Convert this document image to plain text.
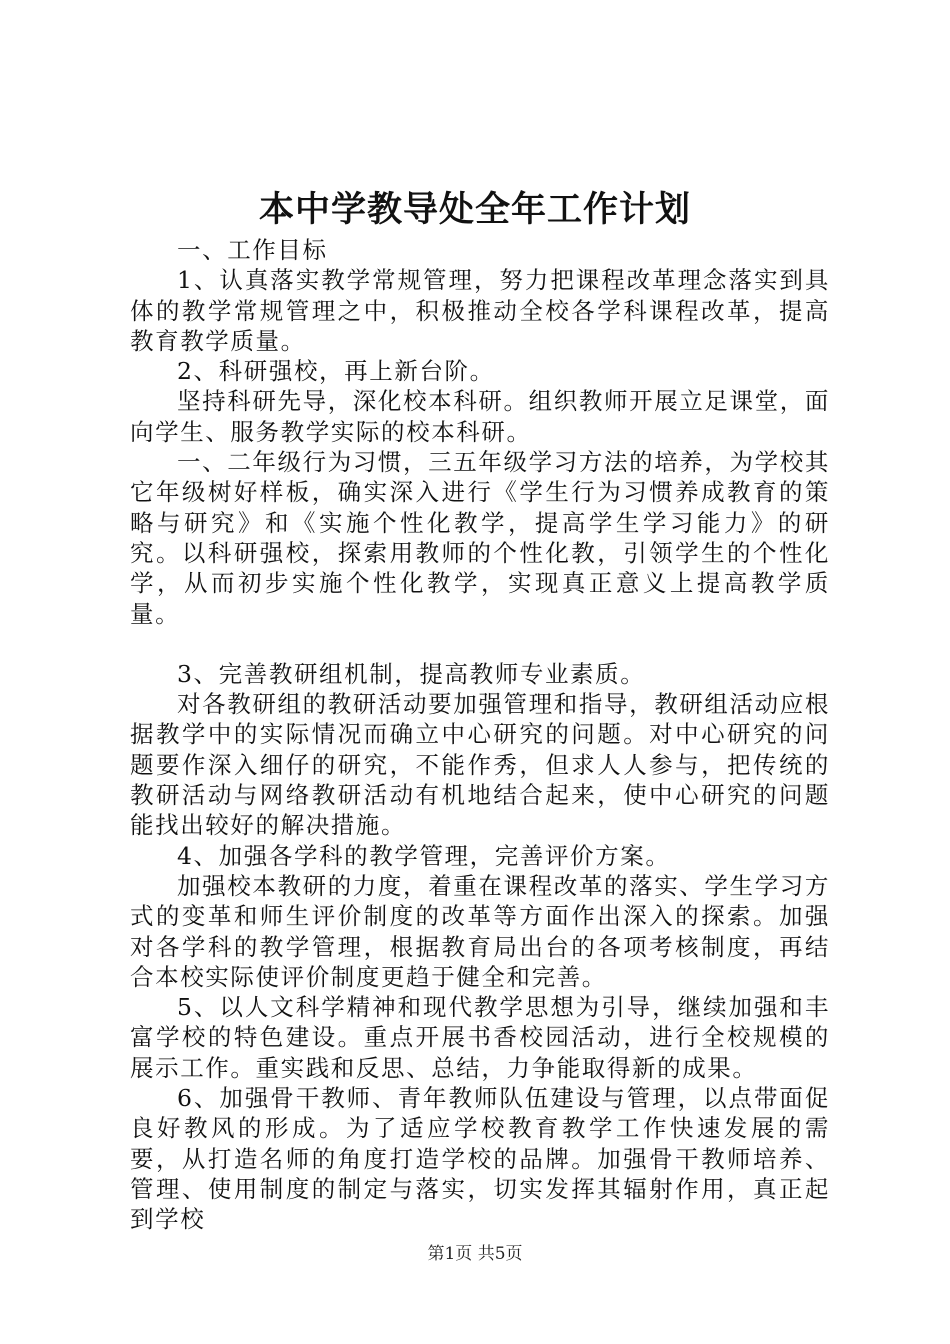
本中学教导处全年工作计划

一、工作目标

1、认真落实教学常规管理，努力把课程改革理念落实到具体的教学常规管理之中，积极推动全校各学科课程改革，提高教育教学质量。

2、科研强校，再上新台阶。

坚持科研先导，深化校本科研。组织教师开展立足课堂，面向学生、服务教学实际的校本科研。

一、二年级行为习惯，三五年级学习方法的培养，为学校其它年级树好样板，确实深入进行《学生行为习惯养成教育的策略与研究》和《实施个性化教学，提高学生学习能力》的研究。以科研强校，探索用教师的个性化教，引领学生的个性化学，从而初步实施个性化教学，实现真正意义上提高教学质量。

3、完善教研组机制，提高教师专业素质。

对各教研组的教研活动要加强管理和指导，教研组活动应根据教学中的实际情况而确立中心研究的问题。对中心研究的问题要作深入细仔的研究，不能作秀，但求人人参与，把传统的教研活动与网络教研活动有机地结合起来，使中心研究的问题能找出较好的解决措施。

4、加强各学科的教学管理，完善评价方案。

加强校本教研的力度，着重在课程改革的落实、学生学习方式的变革和师生评价制度的改革等方面作出深入的探索。加强对各学科的教学管理，根据教育局出台的各项考核制度，再结合本校实际使评价制度更趋于健全和完善。

5、以人文科学精神和现代教学思想为引导，继续加强和丰富学校的特色建设。重点开展书香校园活动，进行全校规模的展示工作。重实践和反思、总结，力争能取得新的成果。

6、加强骨干教师、青年教师队伍建设与管理，以点带面促良好教风的形成。为了适应学校教育教学工作快速发展的需要，从打造名师的角度打造学校的品牌。加强骨干教师培养、管理、使用制度的制定与落实，切实发挥其辐射作用，真正起到学校

第1页 共5页
